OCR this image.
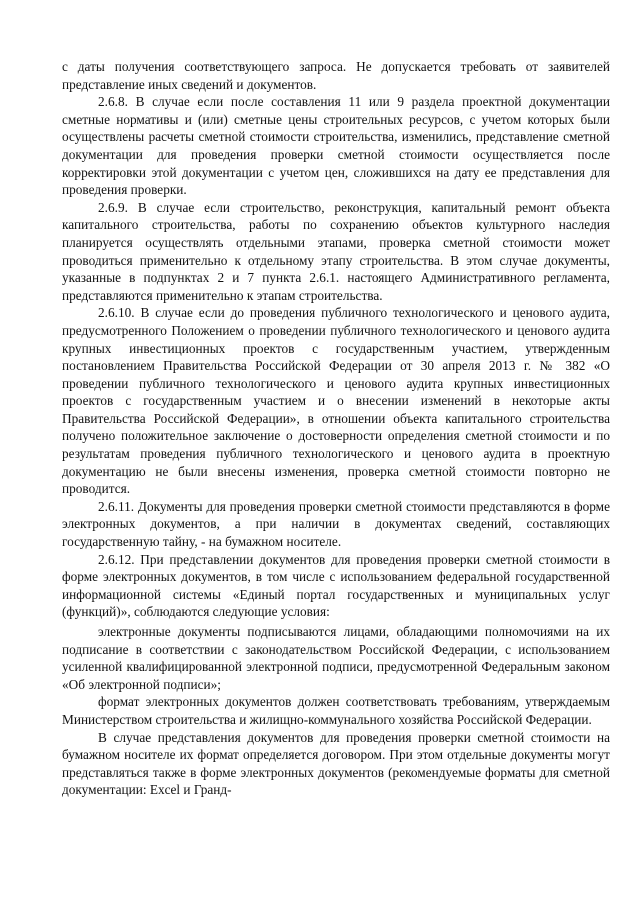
с даты получения соответствующего запроса. Не допускается требовать от заявителей представление иных сведений и документов.

2.6.8. В случае если после составления 11 или 9 раздела проектной документации сметные нормативы и (или) сметные цены строительных ресурсов, с учетом которых были осуществлены расчеты сметной стоимости строительства, изменились, представление сметной документации для проведения проверки сметной стоимости осуществляется после корректировки этой документации с учетом цен, сложившихся на дату ее представления для проведения проверки.

2.6.9. В случае если строительство, реконструкция, капитальный ремонт объекта капитального строительства, работы по сохранению объектов культурного наследия планируется осуществлять отдельными этапами, проверка сметной стоимости может проводиться применительно к отдельному этапу строительства. В этом случае документы, указанные в подпунктах 2 и 7 пункта 2.6.1. настоящего Административного регламента, представляются применительно к этапам строительства.

2.6.10. В случае если до проведения публичного технологического и ценового аудита, предусмотренного Положением о проведении публичного технологического и ценового аудита крупных инвестиционных проектов с государственным участием, утвержденным постановлением Правительства Российской Федерации от 30 апреля 2013 г. № 382 «О проведении публичного технологического и ценового аудита крупных инвестиционных проектов с государственным участием и о внесении изменений в некоторые акты Правительства Российской Федерации», в отношении объекта капитального строительства получено положительное заключение о достоверности определения сметной стоимости и по результатам проведения публичного технологического и ценового аудита в проектную документацию не были внесены изменения, проверка сметной стоимости повторно не проводится.

2.6.11. Документы для проведения проверки сметной стоимости представляются в форме электронных документов, а при наличии в документах сведений, составляющих государственную тайну, - на бумажном носителе.

2.6.12. При представлении документов для проведения проверки сметной стоимости в форме электронных документов, в том числе с использованием федеральной государственной информационной системы «Единый портал государственных и муниципальных услуг (функций)», соблюдаются следующие условия:

электронные документы подписываются лицами, обладающими полномочиями на их подписание в соответствии с законодательством Российской Федерации, с использованием усиленной квалифицированной электронной подписи, предусмотренной Федеральным законом «Об электронной подписи»;

формат электронных документов должен соответствовать требованиям, утверждаемым Министерством строительства и жилищно-коммунального хозяйства Российской Федерации.

В случае представления документов для проведения проверки сметной стоимости на бумажном носителе их формат определяется договором. При этом отдельные документы могут представляться также в форме электронных документов (рекомендуемые форматы для сметной документации: Excel и Гранд-
